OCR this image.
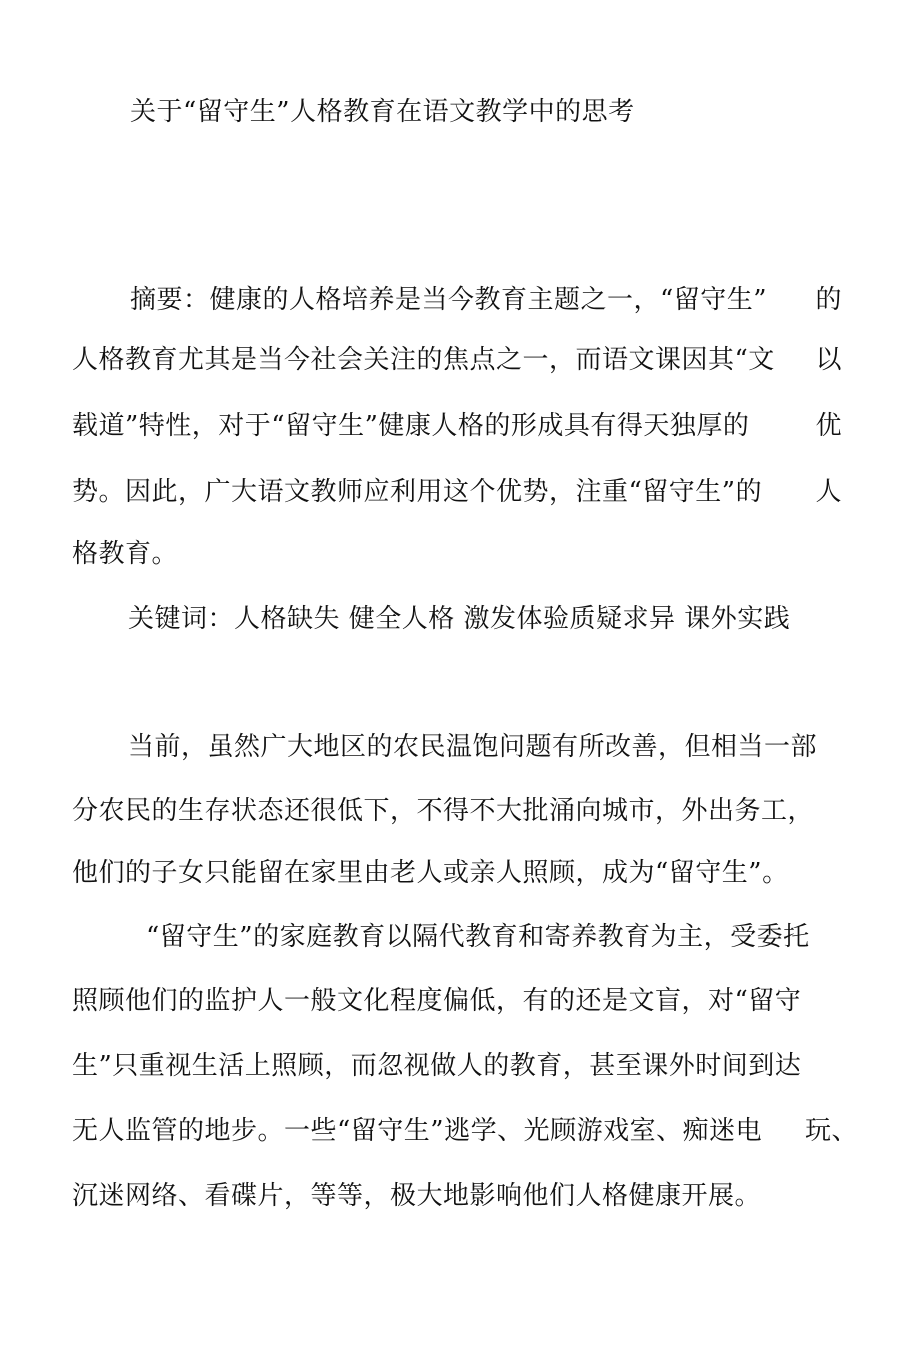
关于“留守生”人格教育在语文教学中的思考
摘要：健康的人格培养是当今教育主题之一，“留守生” 的
人格教育尤其是当今社会关注的焦点之一，而语文课因其“文 以
载道”特性，对于“留守生”健康人格的形成具有得天独厚的	优
势。因此，广大语文教师应利用这个优势，注重“留守生”的 人
格教育。
关键词：人格缺失 健全人格 激发体验质疑求异 课外实践
当前，虽然广大地区的农民温饱问题有所改善，但相当一部
分农民的生存状态还很低下，不得不大批涌向城市，外出务工，
他们的子女只能留在家里由老人或亲人照顾，成为“留守生”。
“留守生”的家庭教育以隔代教育和寄养教育为主，受委托
照顾他们的监护人一般文化程度偏低，有的还是文盲，对“留守
生”只重视生活上照顾，而忽视做人的教育，甚至课外时间到达
无人监管的地步。一些“留守生”逃学、光顾游戏室、痴迷电 玩、
沉迷网络、看碟片，等等，极大地影响他们人格健康开展。
